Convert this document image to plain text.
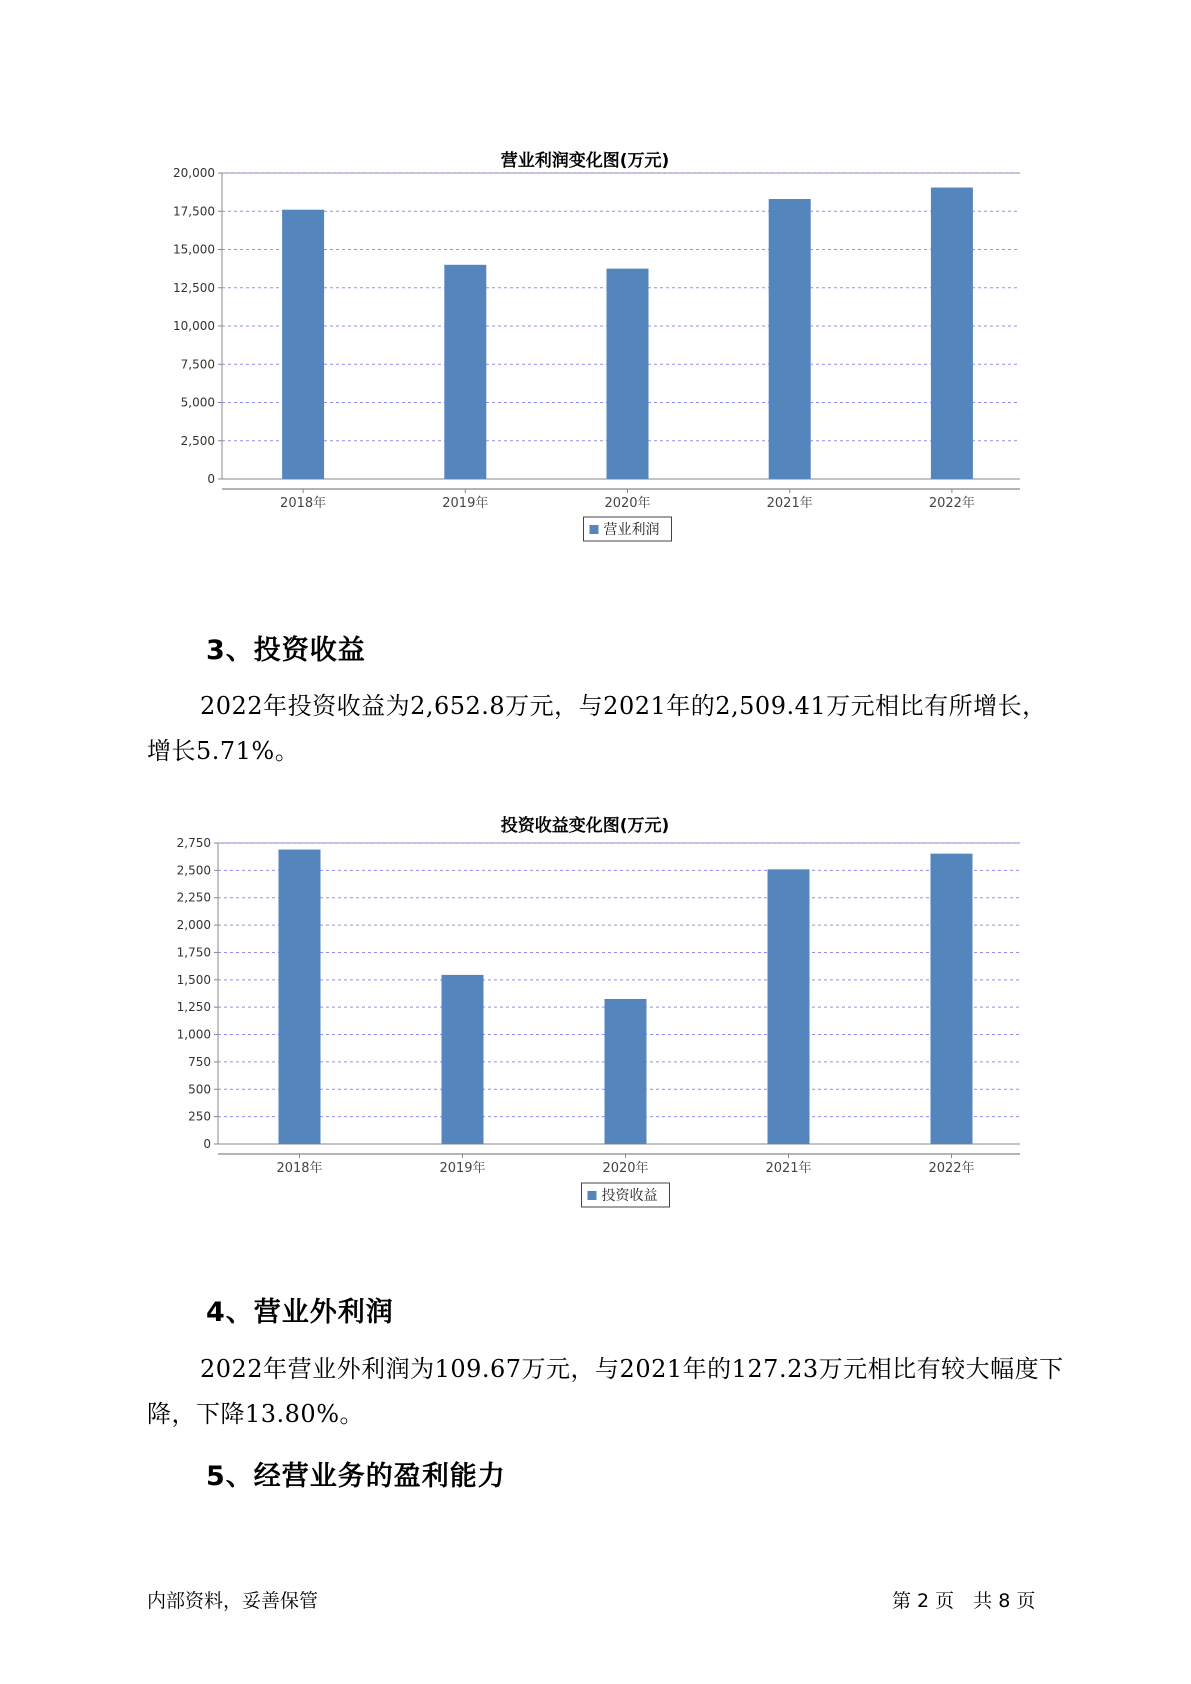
营业利润变化图(万元)
0
2,500
5,000
7,500
10,000
12,500
15,000
17,500
20,000
2018年	2019年	2020年	2021年	2022年
营业利润
3、投资收益
2022年投资收益为2,652.8万元，与2021年的2,509.41万元相比有所增长，增长5.71%。
投资收益变化图(万元)
0
250
500
750
1,000
1,250
1,500
1,750
2,000
2,250
2,500
2,750
2018年	2019年	2020年	2021年	2022年
投资收益
4、营业外利润
2022年营业外利润为109.67万元，与2021年的127.23万元相比有较大幅度下降，下降13.80%。
5、经营业务的盈利能力
内部资料，妥善保管	第 2 页　共 8 页
